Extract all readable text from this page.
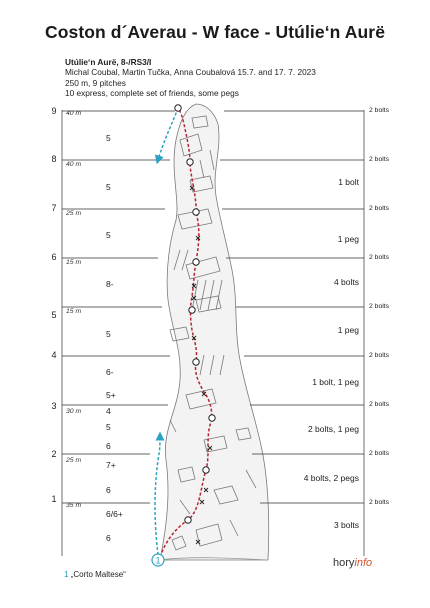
Coston d´Averau - W face - Utúlie‘n Aurë
Utúlie‘n Aurë, 8-/RS3/I
Michal Coubal, Martin Tučka, Anna Coubalová 15.7. and 17. 7. 2023
250 m, 9 pitches
10 express, complete set of friends, some pegs
1
9
8
7
6
5
4
3
2
1
40 m
40 m
25 m
15 m
15 m
30 m
25 m
35 m
5
5
5
8-
5
6-
5+
4
5
6
7+
6
6/6+
6
1 bolt
1 peg
4 bolts
1 peg
1 bolt, 1 peg
2 bolts, 1 peg
4 bolts, 2 pegs
3 bolts
2 bolts
2 bolts
2 bolts
2 bolts
2 bolts
2 bolts
2 bolts
2 bolts
2 bolts
horyinfo
1 „Corto Maltese“
